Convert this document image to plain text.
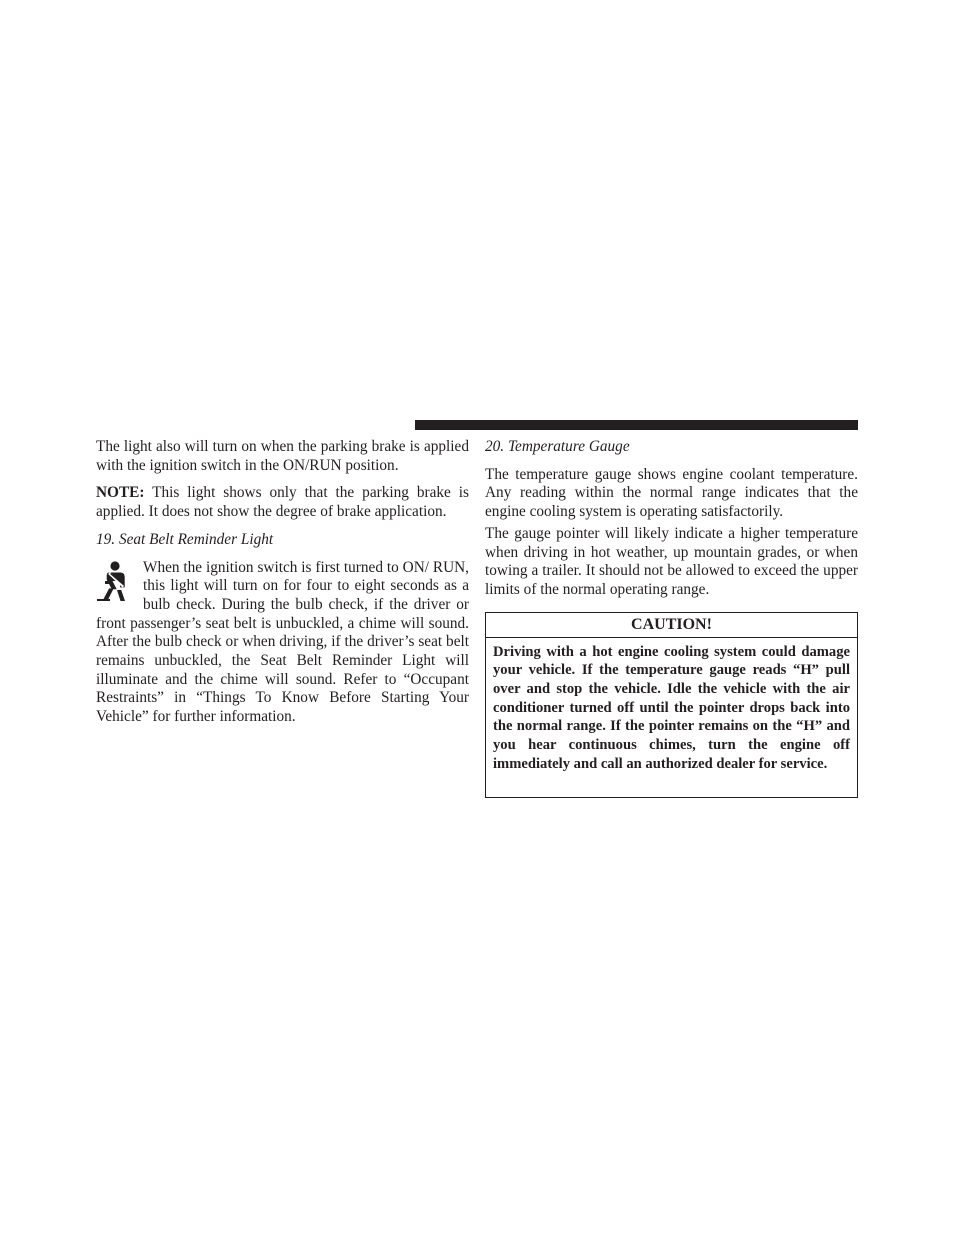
The light also will turn on when the parking brake is applied with the ignition switch in the ON/RUN position.

NOTE: This light shows only that the parking brake is applied. It does not show the degree of brake application.

19. Seat Belt Reminder Light

When the ignition switch is first turned to ON/ RUN, this light will turn on for four to eight seconds as a bulb check. During the bulb check, if the driver or front passenger’s seat belt is unbuckled, a chime will sound. After the bulb check or when driving, if the driver’s seat belt remains unbuckled, the Seat Belt Reminder Light will illuminate and the chime will sound. Refer to “Occupant Restraints” in “Things To Know Before Starting Your Vehicle” for further information.

20. Temperature Gauge

The temperature gauge shows engine coolant temperature. Any reading within the normal range indicates that the engine cooling system is operating satisfactorily.

The gauge pointer will likely indicate a higher temperature when driving in hot weather, up mountain grades, or when towing a trailer. It should not be allowed to exceed the upper limits of the normal operating range.

CAUTION!

Driving with a hot engine cooling system could damage your vehicle. If the temperature gauge reads “H” pull over and stop the vehicle. Idle the vehicle with the air conditioner turned off until the pointer drops back into the normal range. If the pointer remains on the “H” and you hear continuous chimes, turn the engine off immediately and call an authorized dealer for service.
